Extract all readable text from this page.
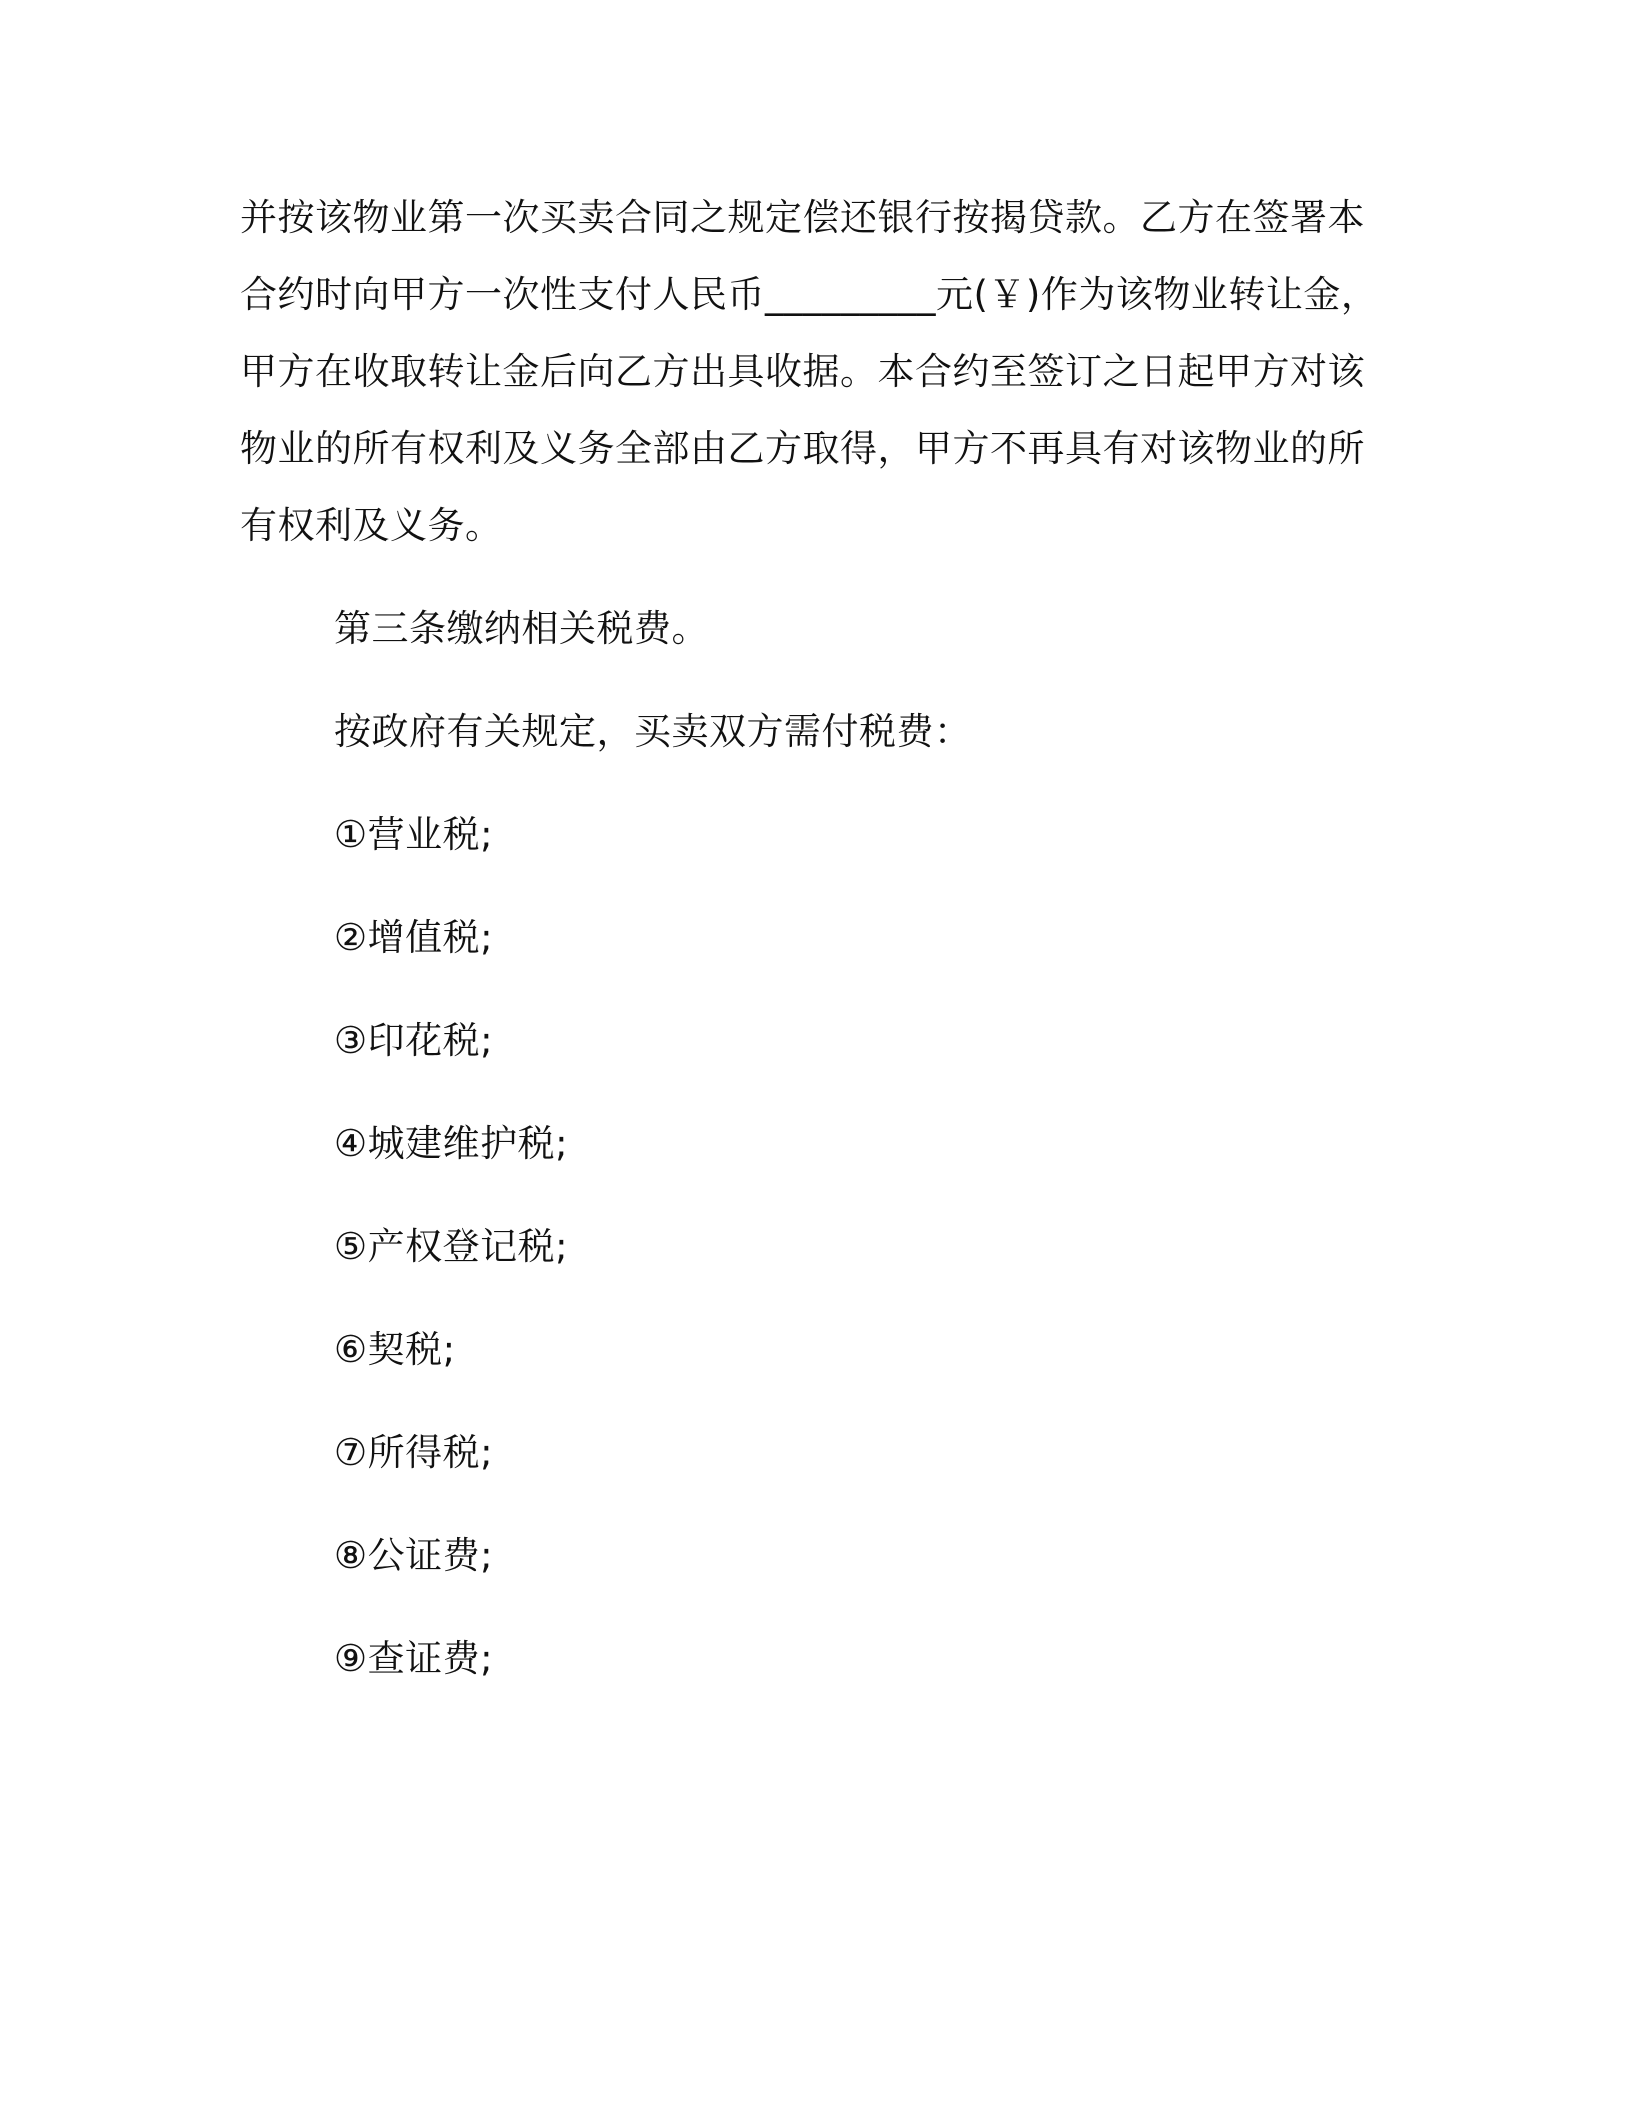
并按该物业第一次买卖合同之规定偿还银行按揭贷款。乙方在签署本
合约时向甲方一次性支付人民币_________元(￥)作为该物业转让金，
甲方在收取转让金后向乙方出具收据。本合约至签订之日起甲方对该
物业的所有权利及义务全部由乙方取得，甲方不再具有对该物业的所
有权利及义务。
第三条缴纳相关税费。
按政府有关规定，买卖双方需付税费：
①营业税;
②增值税;
③印花税;
④城建维护税;
⑤产权登记税;
⑥契税;
⑦所得税;
⑧公证费;
⑨查证费;
